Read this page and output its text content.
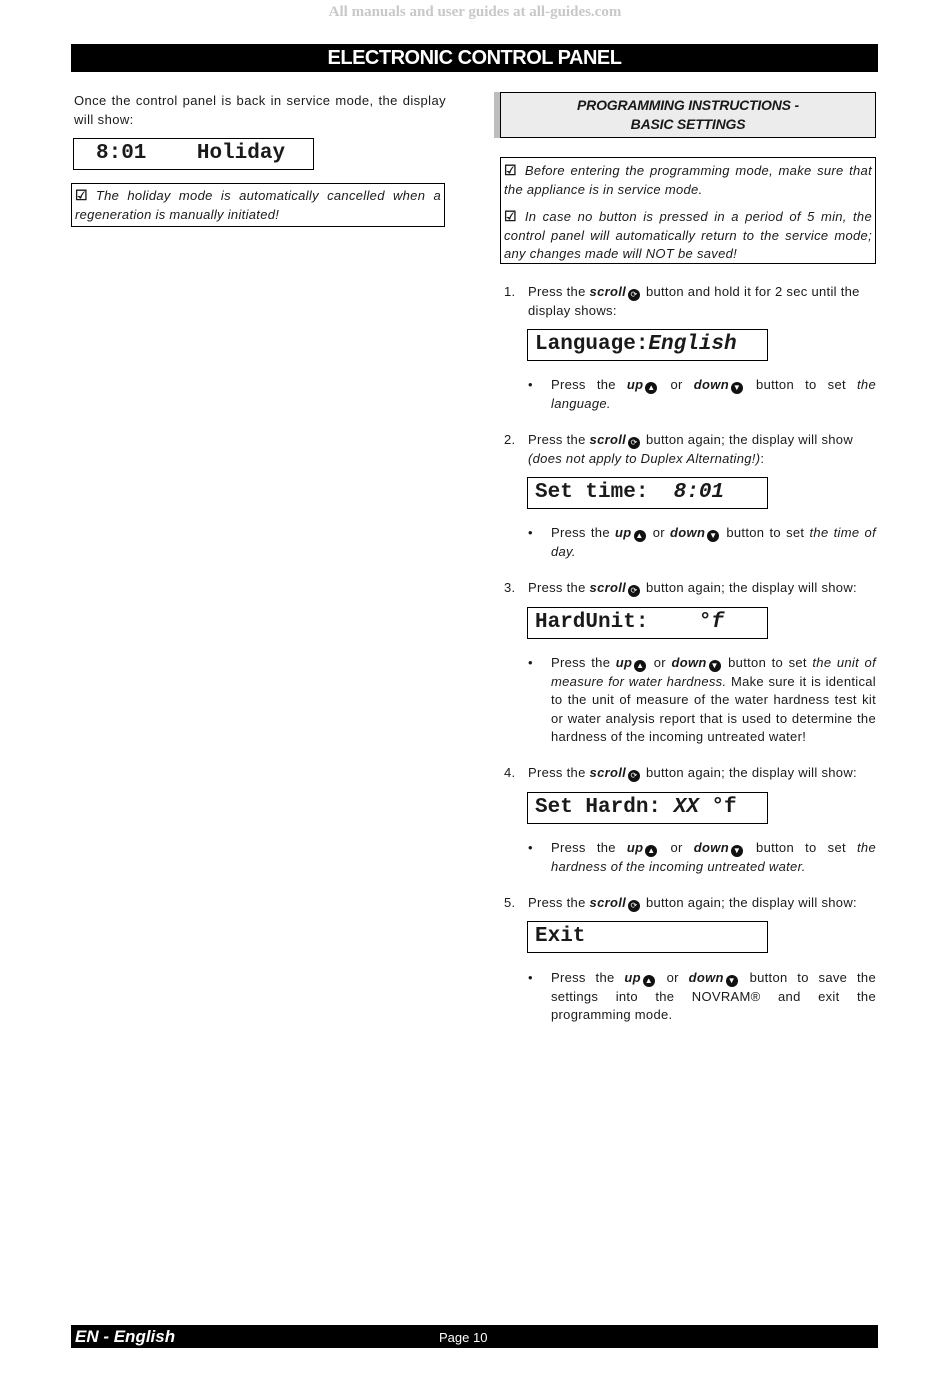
All manuals and user guides at all-guides.com
ELECTRONIC CONTROL PANEL
Once the control panel is back in service mode, the display will show:
8:01 Holiday
☑ The holiday mode is automatically cancelled when a regeneration is manually initiated!
PROGRAMMING INSTRUCTIONS -
BASIC SETTINGS
☑ Before entering the programming mode, make sure that the appliance is in service mode.
☑ In case no button is pressed in a period of 5 min, the control panel will automatically return to the service mode; any changes made will NOT be saved!
1. Press the scroll ⟳ button and hold it for 2 sec until the display shows:
Language:English
• Press the up ▲ or down ▼ button to set the language.
2. Press the scroll ⟳ button again; the display will show (does not apply to Duplex Alternating!):
Set time:  8:01
• Press the up ▲ or down ▼ button to set the time of day.
3. Press the scroll ⟳ button again; the display will show:
HardUnit:    °f
• Press the up ▲ or down ▼ button to set the unit of measure for water hardness. Make sure it is identical to the unit of measure of the water hardness test kit or water analysis report that is used to determine the hardness of the incoming untreated water!
4. Press the scroll ⟳ button again; the display will show:
Set Hardn: XX °f
• Press the up ▲ or down ▼ button to set the hardness of the incoming untreated water.
5. Press the scroll ⟳ button again; the display will show:
Exit
• Press the up ▲ or down ▼ button to save the settings into the NOVRAM® and exit the programming mode.
EN - English	Page 10
